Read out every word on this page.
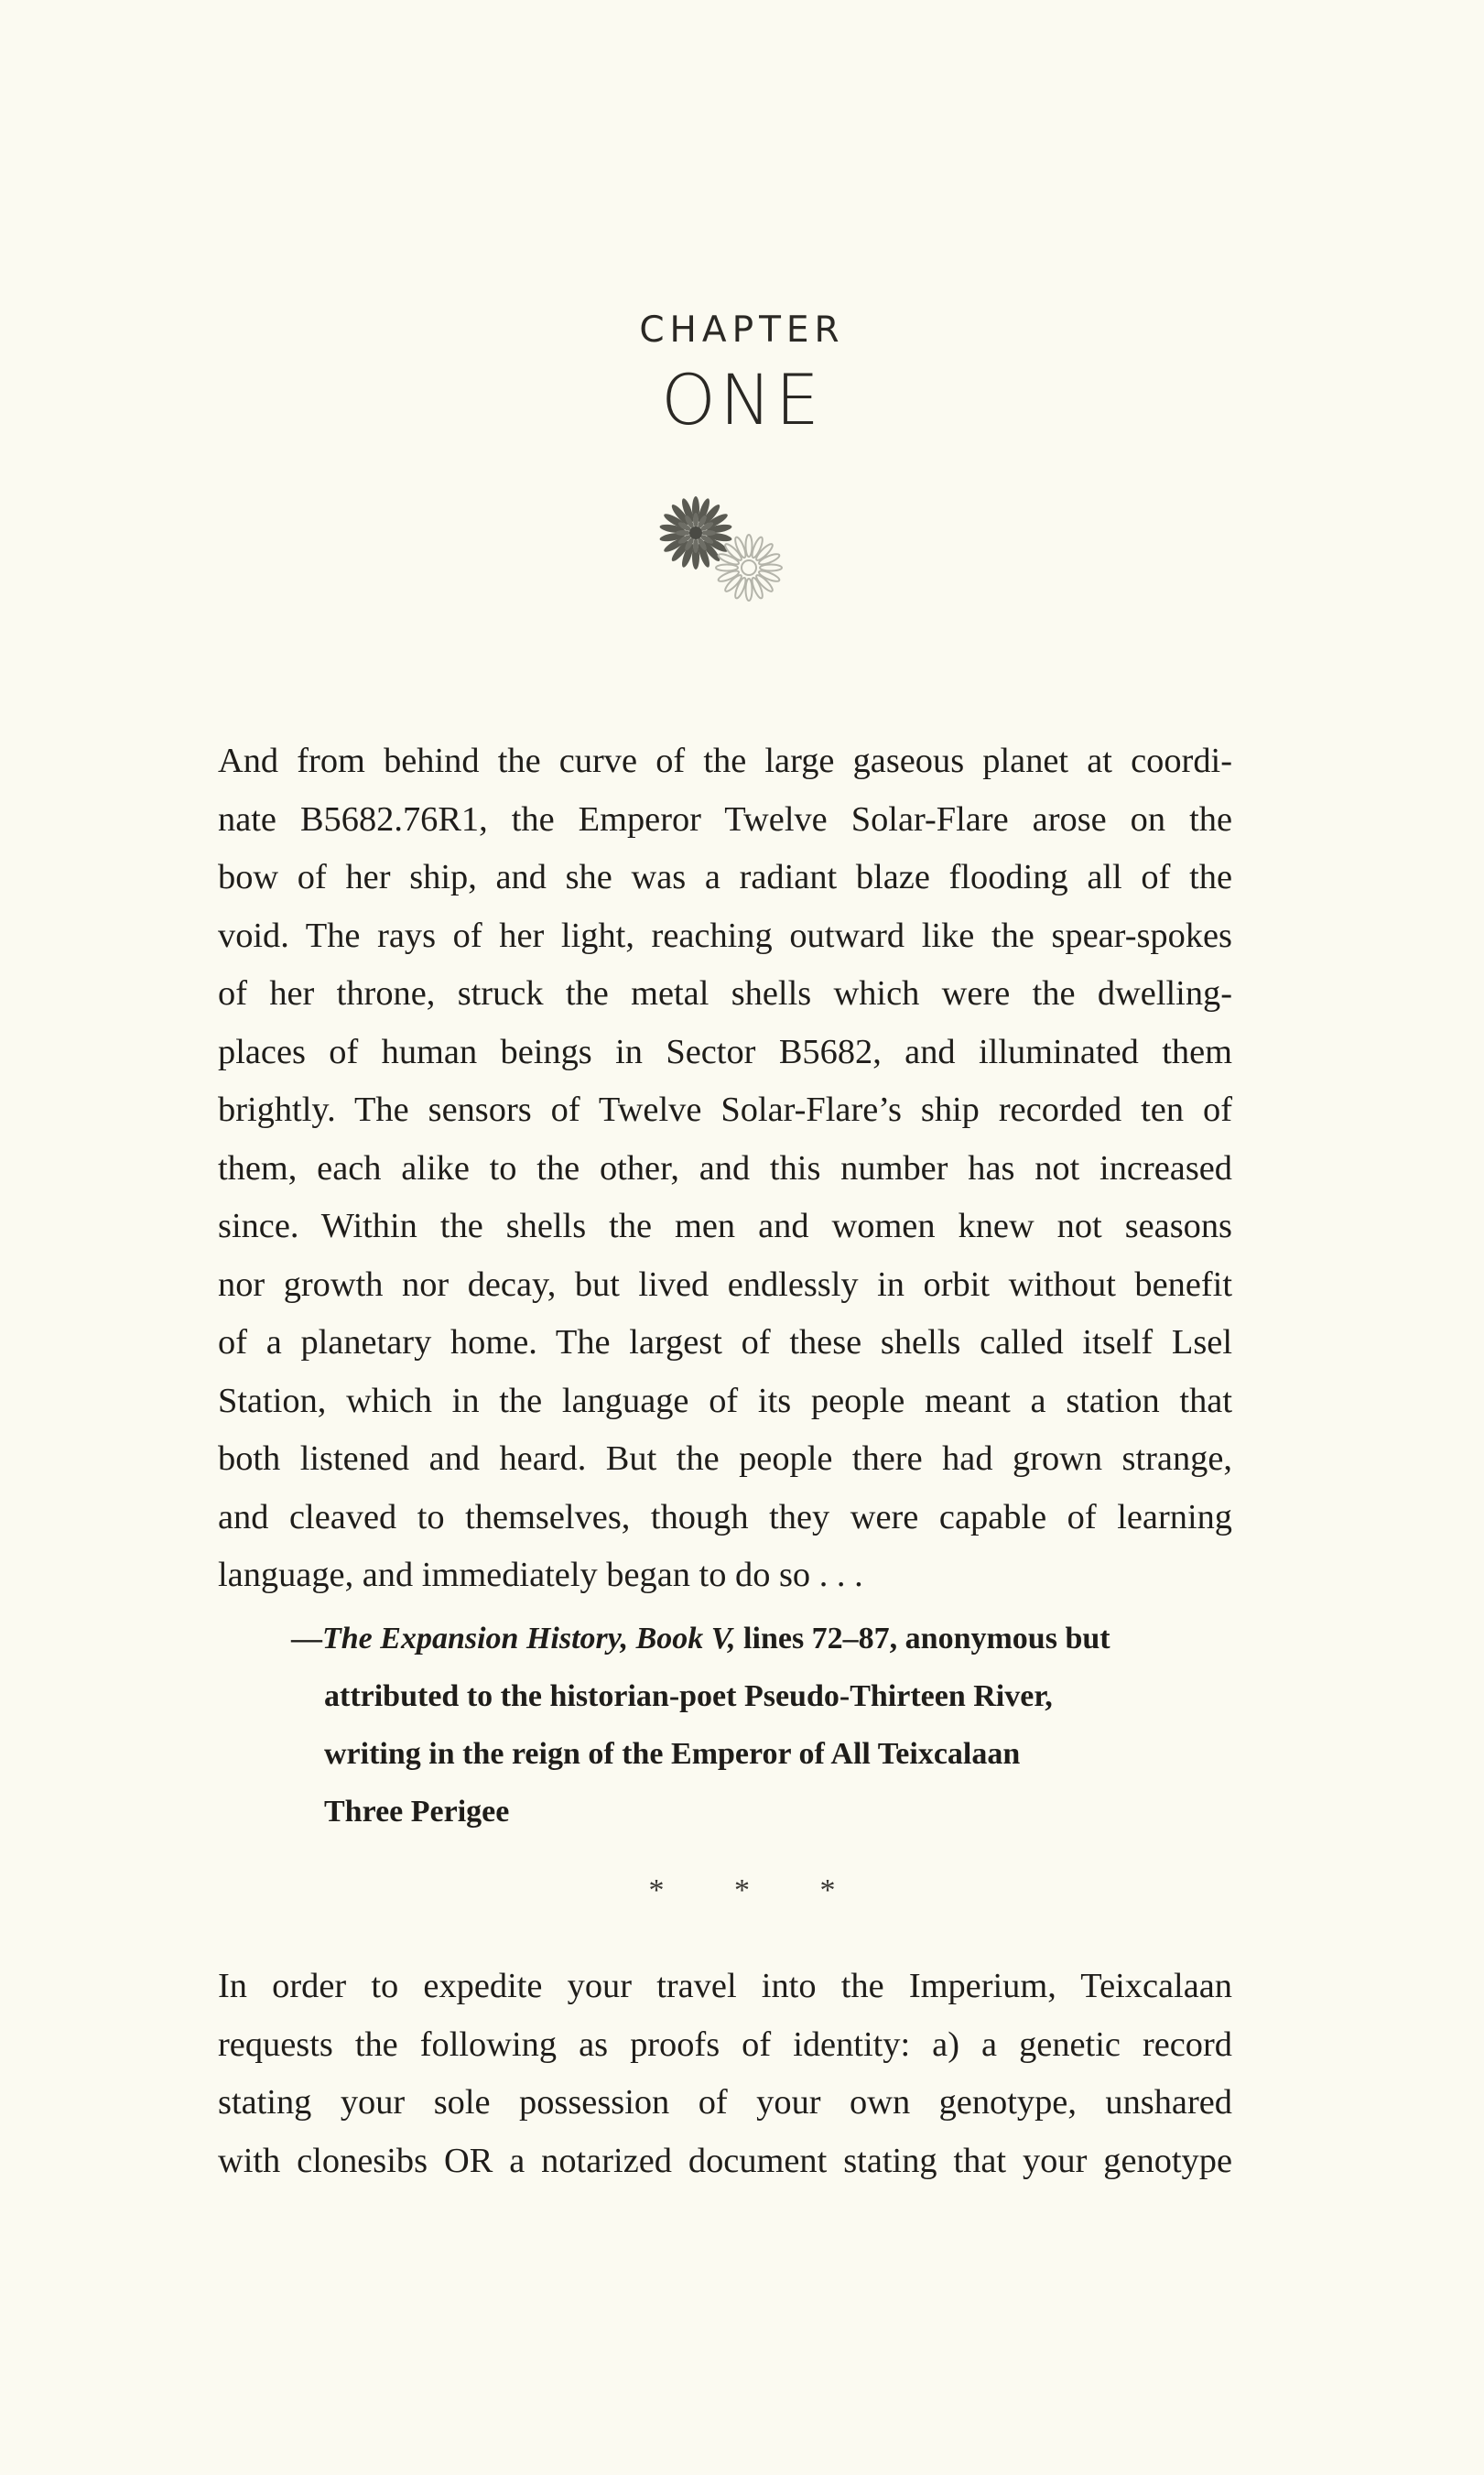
CHAPTER
ONE
And from behind the curve of the large gaseous planet at coordi-
nate B5682.76R1, the Emperor Twelve Solar-Flare arose on the
bow of her ship, and she was a radiant blaze flooding all of the
void. The rays of her light, reaching outward like the spear-spokes
of her throne, struck the metal shells which were the dwelling-
places of human beings in Sector B5682, and illuminated them
brightly. The sensors of Twelve Solar-Flare’s ship recorded ten of
them, each alike to the other, and this number has not increased
since. Within the shells the men and women knew not seasons
nor growth nor decay, but lived endlessly in orbit without benefit
of a planetary home. The largest of these shells called itself Lsel
Station, which in the language of its people meant a station that
both listened and heard. But the people there had grown strange,
and cleaved to themselves, though they were capable of learning
language, and immediately began to do so . . .
—The Expansion History, Book V, lines 72–87, anonymous but
attributed to the historian-poet Pseudo-Thirteen River,
writing in the reign of the Emperor of All Teixcalaan
Three Perigee
* * *
In order to expedite your travel into the Imperium, Teixcalaan
requests the following as proofs of identity: a) a genetic record
stating your sole possession of your own genotype, unshared
with clonesibs OR a notarized document stating that your genotype
